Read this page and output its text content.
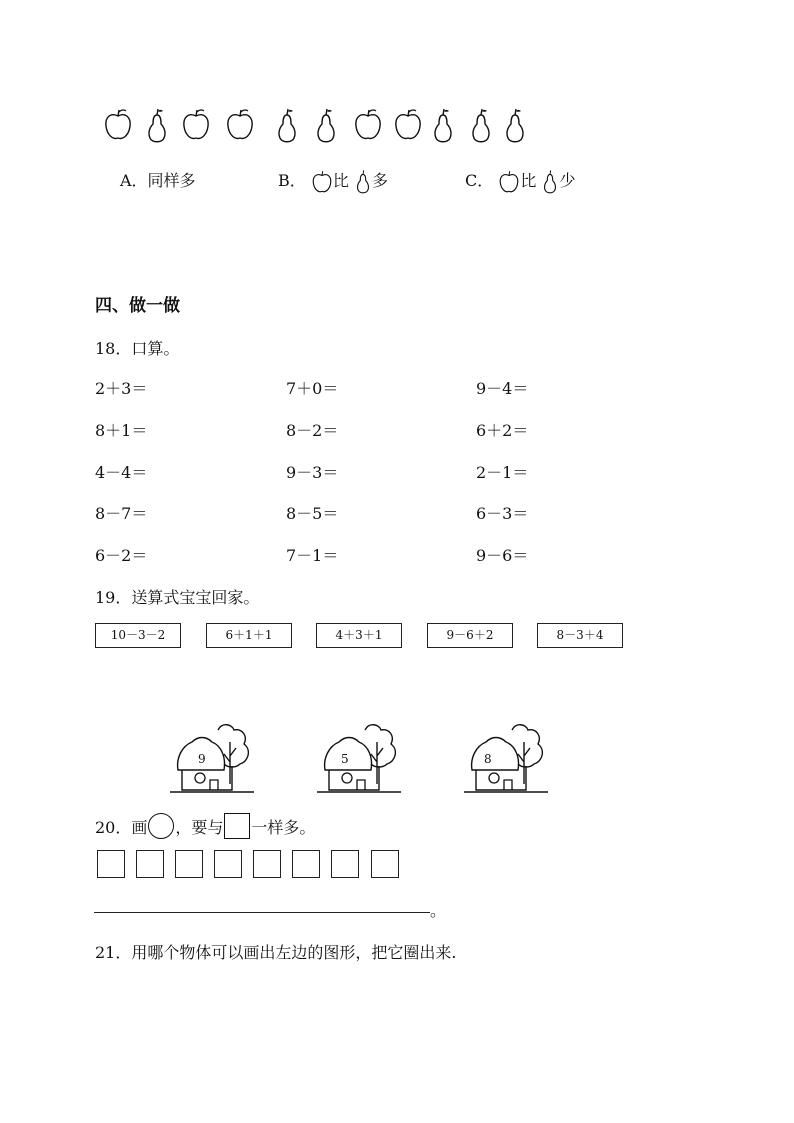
A．同样多	B． 比 多	C． 比 少
四、做一做
18．口算。
2＋3＝	7＋0＝	9－4＝
8＋1＝	8－2＝	6＋2＝
4－4＝	9－3＝	2－1＝
8－7＝	8－5＝	6－3＝
6－2＝	7－1＝	9－6＝
19．送算式宝宝回家。
10－3－2	6＋1＋1	4＋3＋1	9－6＋2	8－3＋4
9	5	8
20．画 ，要与 一样多。
。
21．用哪个物体可以画出左边的图形，把它圈出来.
